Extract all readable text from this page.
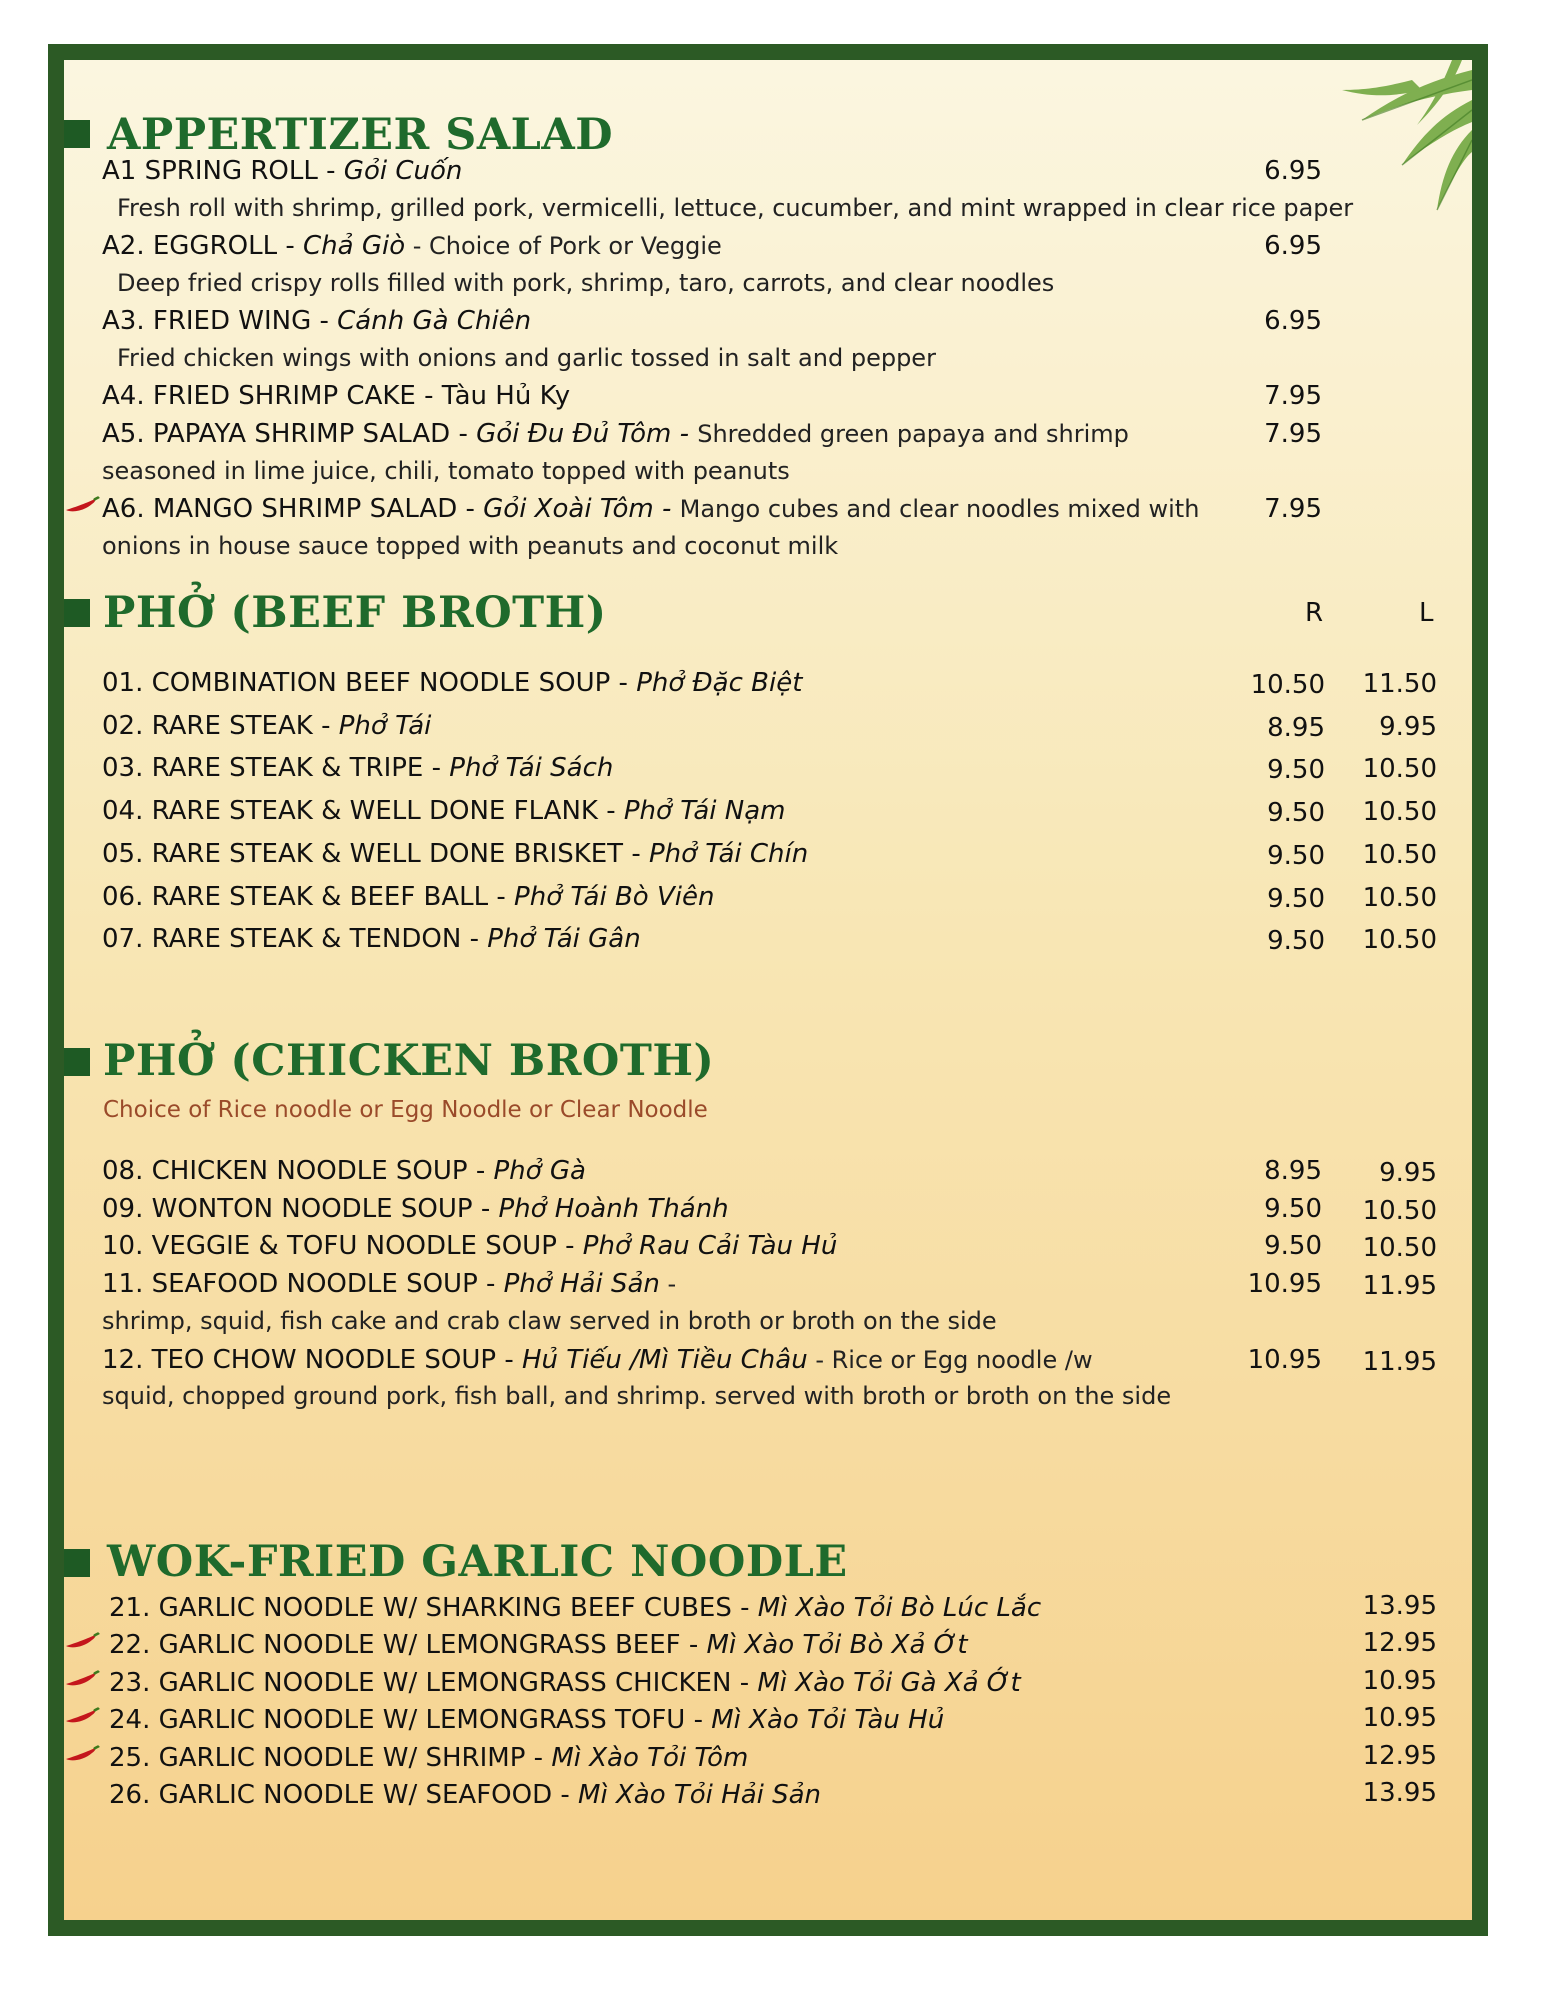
APPERTIZER SALAD
A1 SPRING ROLL - Gỏi Cuốn	6.95
Fresh roll with shrimp, grilled pork, vermicelli, lettuce, cucumber, and mint wrapped in clear rice paper
A2. EGGROLL - Chả Giò - Choice of Pork or Veggie	6.95
Deep fried crispy rolls filled with pork, shrimp, taro, carrots, and clear noodles
A3. FRIED WING - Cánh Gà Chiên	6.95
Fried chicken wings with onions and garlic tossed in salt and pepper
A4. FRIED SHRIMP CAKE - Tàu Hủ Ky	7.95
A5. PAPAYA SHRIMP SALAD - Gỏi Đu Đủ Tôm - Shredded green papaya and shrimp	7.95
seasoned in lime juice, chili, tomato topped with peanuts
A6. MANGO SHRIMP SALAD - Gỏi Xoài Tôm - Mango cubes and clear noodles mixed with 7.95
onions in house sauce topped with peanuts and coconut milk
PHỞ (BEEF BROTH)	R	L
01. COMBINATION BEEF NOODLE SOUP - Phở Đặc Biệt	10.50 11.50
02. RARE STEAK - Phở Tái	8.95 9.95
03. RARE STEAK & TRIPE - Phở Tái Sách	9.50 10.50
04. RARE STEAK & WELL DONE FLANK - Phở Tái Nạm	9.50 10.50
05. RARE STEAK & WELL DONE BRISKET - Phở Tái Chín	9.50 10.50
06. RARE STEAK & BEEF BALL - Phở Tái Bò Viên	9.50 10.50
07. RARE STEAK & TENDON - Phở Tái Gân	9.50 10.50
PHỞ (CHICKEN BROTH)
Choice of Rice noodle or Egg Noodle or Clear Noodle
08. CHICKEN NOODLE SOUP - Phở Gà	8.95 9.95
09. WONTON NOODLE SOUP - Phở Hoành Thánh	9.50 10.50
10. VEGGIE & TOFU NOODLE SOUP - Phở Rau Cải Tàu Hủ	9.50 10.50
11. SEAFOOD NOODLE SOUP - Phở Hải Sản -	10.95 11.95
shrimp, squid, fish cake and crab claw served in broth or broth on the side
12. TEO CHOW NOODLE SOUP - Hủ Tiếu /Mì Tiều Châu - Rice or Egg noodle /w	10.95 11.95
squid, chopped ground pork, fish ball, and shrimp. served with broth or broth on the side
WOK-FRIED GARLIC NOODLE
21. GARLIC NOODLE W/ SHARKING BEEF CUBES - Mì Xào Tỏi Bò Lúc Lắc	13.95
22. GARLIC NOODLE W/ LEMONGRASS BEEF - Mì Xào Tỏi Bò Xả Ớt	12.95
23. GARLIC NOODLE W/ LEMONGRASS CHICKEN - Mì Xào Tỏi Gà Xả Ớt	10.95
24. GARLIC NOODLE W/ LEMONGRASS TOFU - Mì Xào Tỏi Tàu Hủ	10.95
25. GARLIC NOODLE W/ SHRIMP - Mì Xào Tỏi Tôm	12.95
26. GARLIC NOODLE W/ SEAFOOD - Mì Xào Tỏi Hải Sản	13.95
